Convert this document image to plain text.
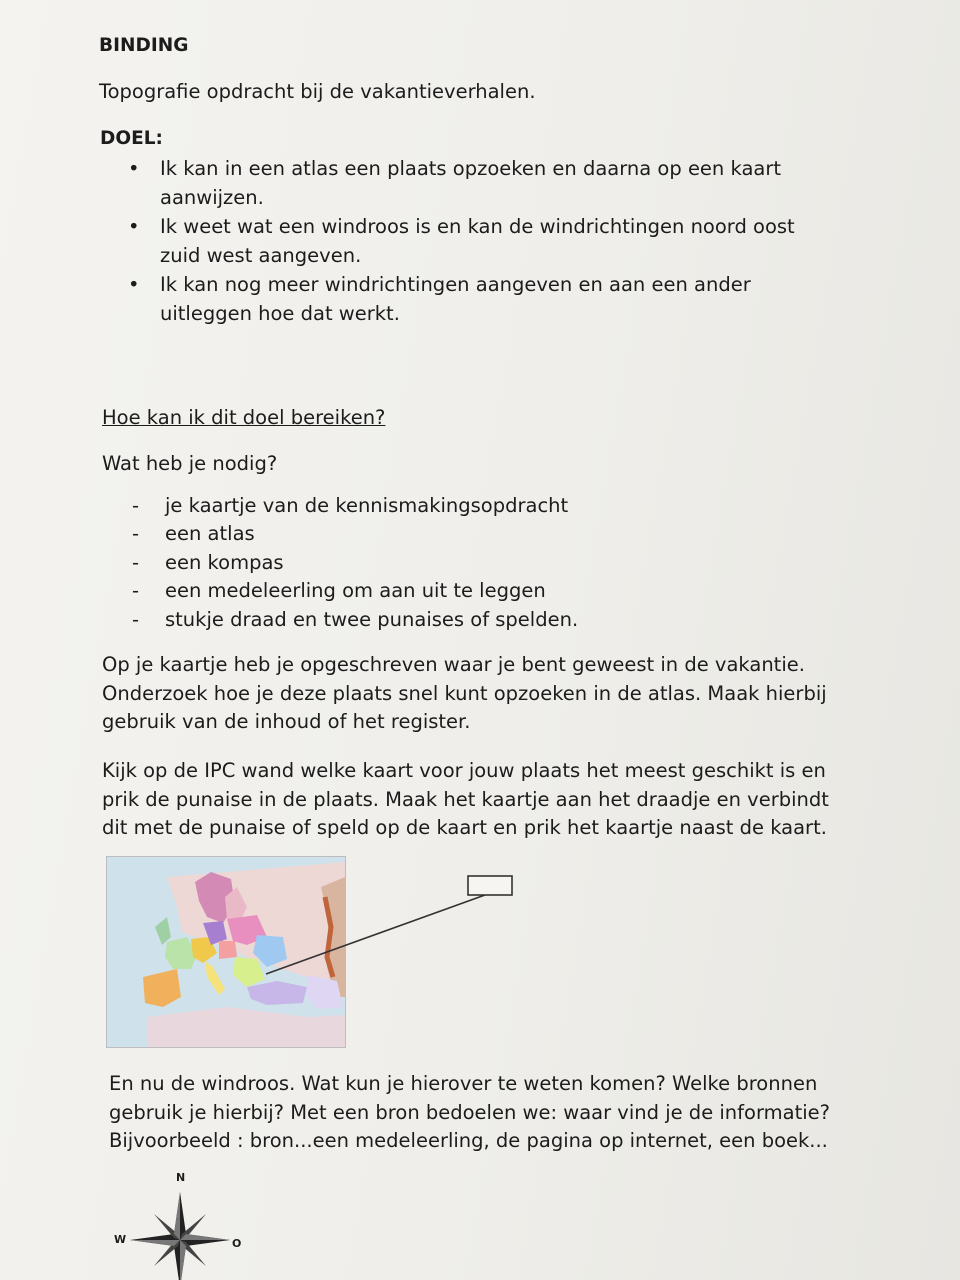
BINDING
Topografie opdracht bij de vakantieverhalen.
DOEL:
• Ik kan in een atlas een plaats opzoeken en daarna op een kaart
aanwijzen.
• Ik weet wat een windroos is en kan de windrichtingen noord oost
zuid west aangeven.
• Ik kan nog meer windrichtingen aangeven en aan een ander
uitleggen hoe dat werkt.
Hoe kan ik dit doel bereiken?
Wat heb je nodig?
- je kaartje van de kennismakingsopdracht
- een atlas
- een kompas
- een medeleerling om aan uit te leggen
- stukje draad en twee punaises of spelden.
Op je kaartje heb je opgeschreven waar je bent geweest in de vakantie.
Onderzoek hoe je deze plaats snel kunt opzoeken in de atlas. Maak hierbij
gebruik van de inhoud of het register.
Kijk op de IPC wand welke kaart voor jouw plaats het meest geschikt is en
prik de punaise in de plaats. Maak het kaartje aan het draadje en verbindt
dit met de punaise of speld op de kaart en prik het kaartje naast de kaart.
En nu de windroos. Wat kun je hierover te weten komen? Welke bronnen
gebruik je hierbij? Met een bron bedoelen we: waar vind je de informatie?
Bijvoorbeeld : bron...een medeleerling, de pagina op internet, een boek...
N
W	O
